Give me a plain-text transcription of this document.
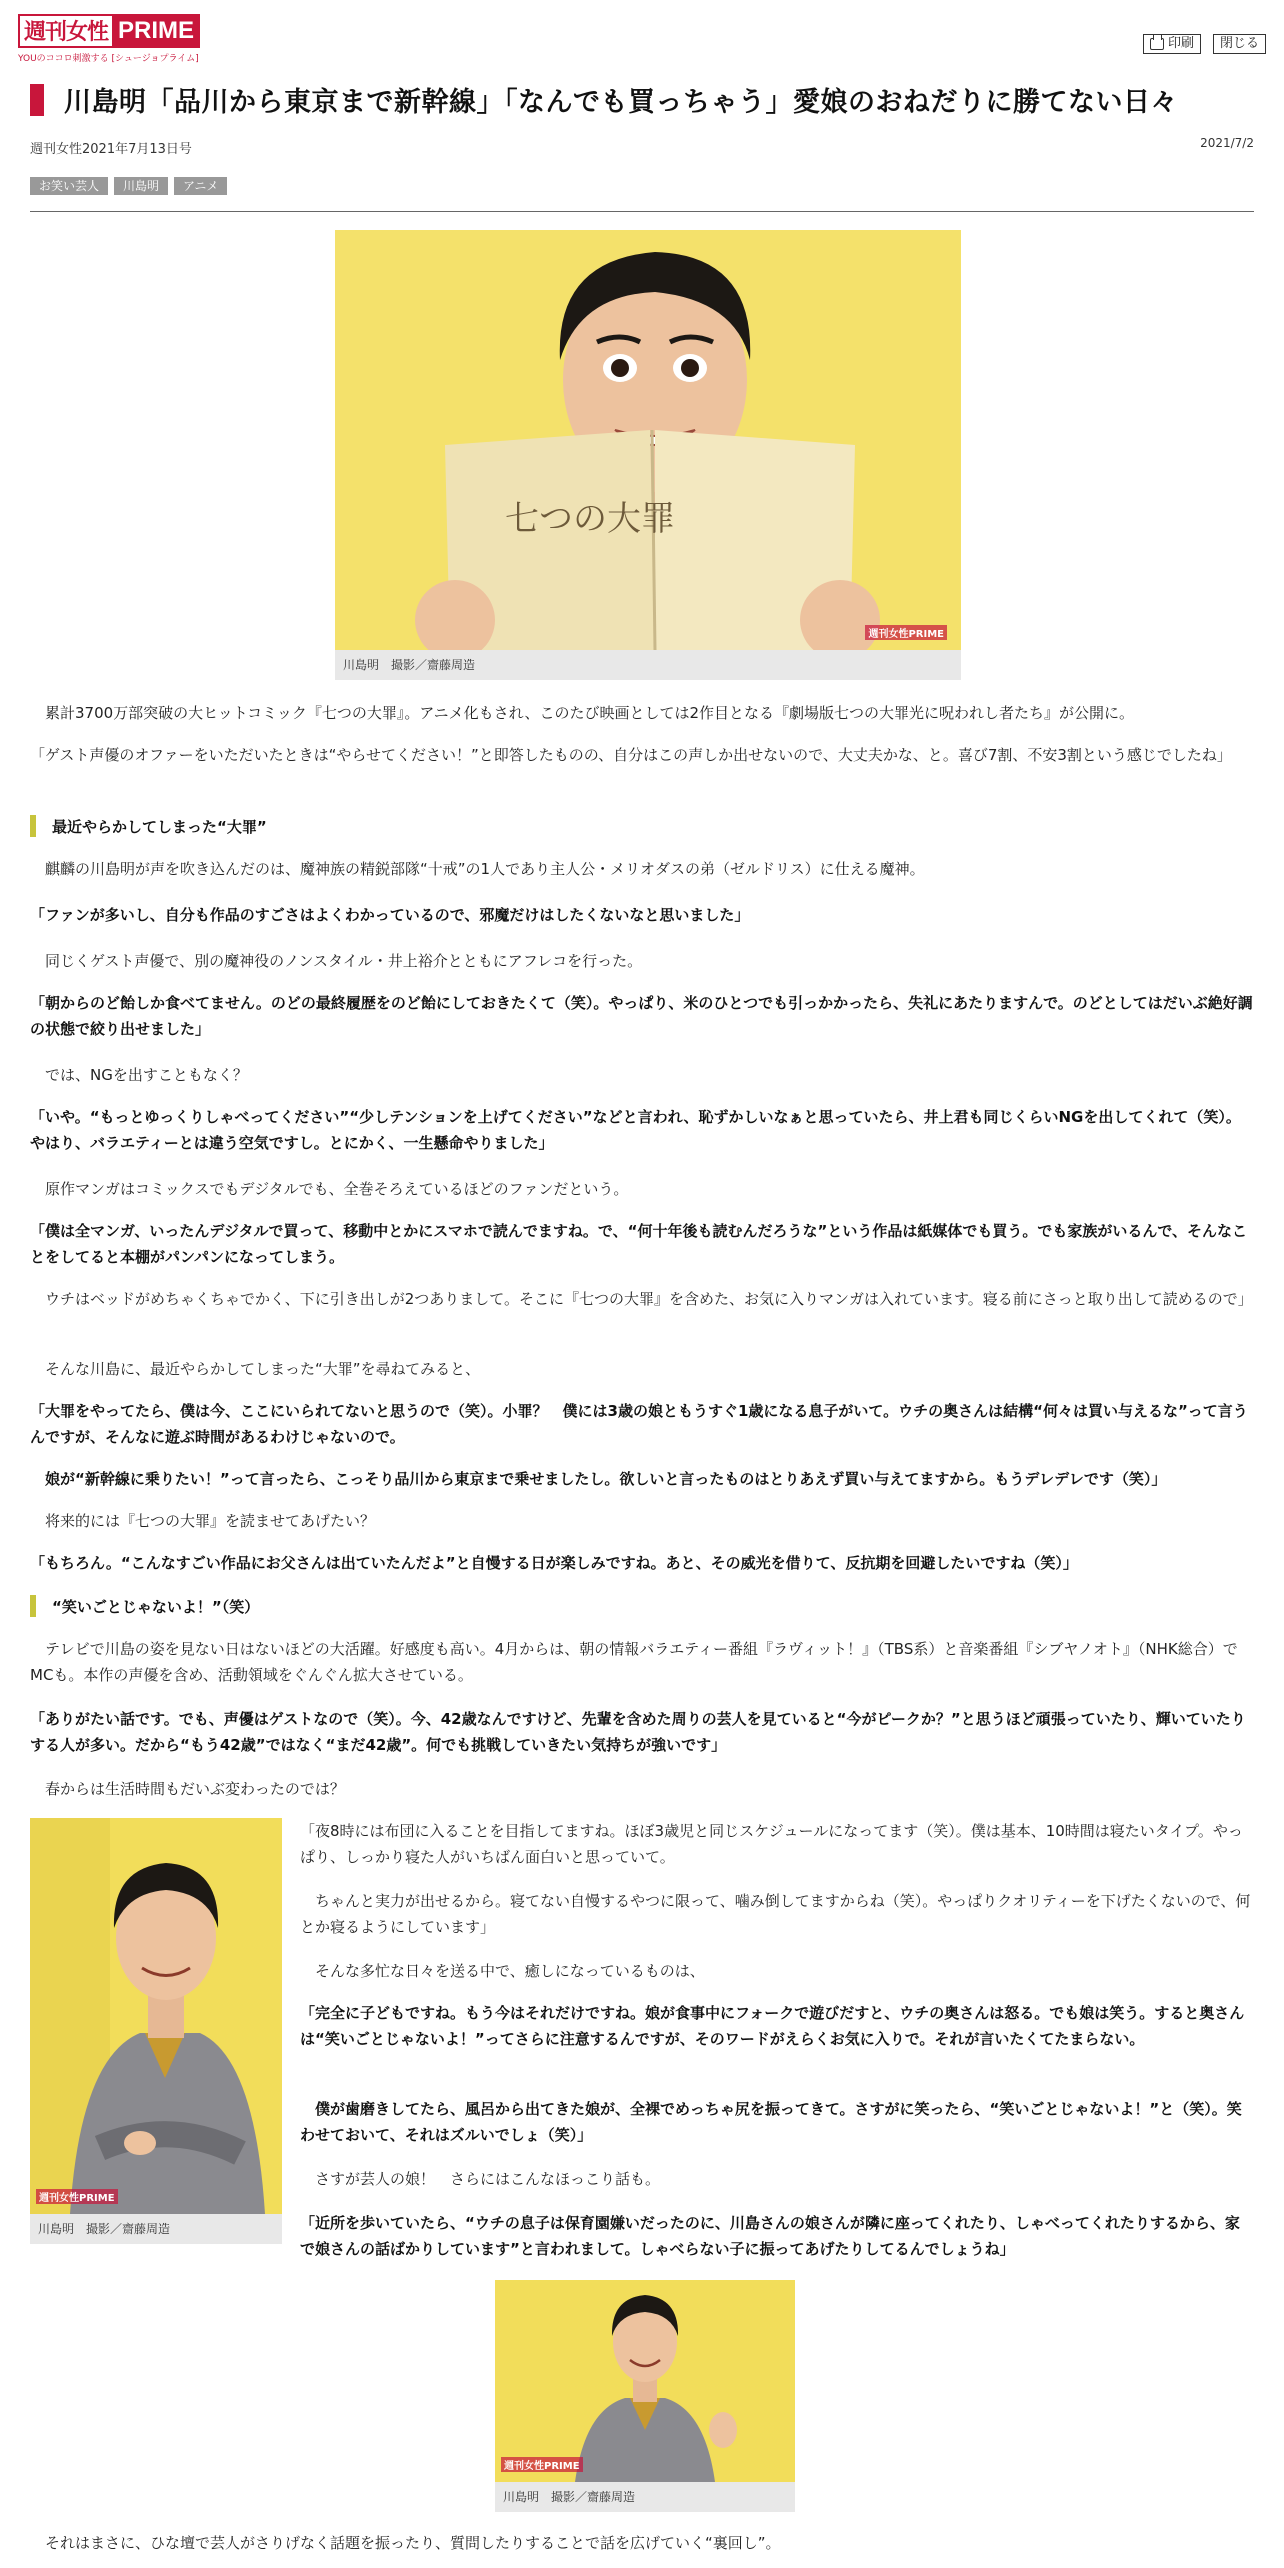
週刊女性 PRIME
YOUのココロ刺激する [シュージョプライム]
印刷 閉じる
川島明「品川から東京まで新幹線」「なんでも買っちゃう」愛娘のおねだりに勝てない日々
週刊女性2021年7月13日号	2021/7/2
お笑い芸人	川島明	アニメ
七つの大罪
週刊女性PRIME
川島明　撮影／齋藤周造

累計3700万部突破の大ヒットコミック『七つの大罪』。アニメ化もされ、このたび映画としては2作目となる『劇場版七つの大罪光に呪われし者たち』が公開に。

「ゲスト声優のオファーをいただいたときは“やらせてください！”と即答したものの、自分はこの声しか出せないので、大丈夫かな、と。喜び7割、不安3割という感じでしたね」

最近やらかしてしまった“大罪”

麒麟の川島明が声を吹き込んだのは、魔神族の精鋭部隊“十戒”の1人であり主人公・メリオダスの弟（ゼルドリス）に仕える魔神。

「ファンが多いし、自分も作品のすごさはよくわかっているので、邪魔だけはしたくないなと思いました」

同じくゲスト声優で、別の魔神役のノンスタイル・井上裕介とともにアフレコを行った。

「朝からのど飴しか食べてません。のどの最終履歴をのど飴にしておきたくて（笑）。やっぱり、米のひとつでも引っかかったら、失礼にあたりますんで。のどとしてはだいぶ絶好調の状態で絞り出せました」

では、NGを出すこともなく？

「いや。“もっとゆっくりしゃべってください”“少しテンションを上げてください”などと言われ、恥ずかしいなぁと思っていたら、井上君も同じくらいNGを出してくれて（笑）。やはり、バラエティーとは違う空気ですし。とにかく、一生懸命やりました」

原作マンガはコミックスでもデジタルでも、全巻そろえているほどのファンだという。

「僕は全マンガ、いったんデジタルで買って、移動中とかにスマホで読んでますね。で、“何十年後も読むんだろうな”という作品は紙媒体でも買う。でも家族がいるんで、そんなことをしてると本棚がパンパンになってしまう。

ウチはベッドがめちゃくちゃでかく、下に引き出しが2つありまして。そこに『七つの大罪』を含めた、お気に入りマンガは入れています。寝る前にさっと取り出して読めるので」

そんな川島に、最近やらかしてしまった“大罪”を尋ねてみると、

「大罪をやってたら、僕は今、ここにいられてないと思うので（笑）。小罪？　僕には3歳の娘ともうすぐ1歳になる息子がいて。ウチの奥さんは結構“何々は買い与えるな”って言うんですが、そんなに遊ぶ時間があるわけじゃないので。

娘が“新幹線に乗りたい！”って言ったら、こっそり品川から東京まで乗せましたし。欲しいと言ったものはとりあえず買い与えてますから。もうデレデレです（笑）」

将来的には『七つの大罪』を読ませてあげたい？

「もちろん。“こんなすごい作品にお父さんは出ていたんだよ”と自慢する日が楽しみですね。あと、その威光を借りて、反抗期を回避したいですね（笑）」

“笑いごとじゃないよ！”（笑）

テレビで川島の姿を見ない日はないほどの大活躍。好感度も高い。4月からは、朝の情報バラエティー番組『ラヴィット！』（TBS系）と音楽番組『シブヤノオト』（NHK総合）でMCも。本作の声優を含め、活動領域をぐんぐん拡大させている。

「ありがたい話です。でも、声優はゲストなので（笑）。今、42歳なんですけど、先輩を含めた周りの芸人を見ていると“今がピークか？”と思うほど頑張っていたり、輝いていたりする人が多い。だから“もう42歳”ではなく“まだ42歳”。何でも挑戦していきたい気持ちが強いです」

春からは生活時間もだいぶ変わったのでは？

週刊女性PRIME
川島明　撮影／齋藤周造

「夜8時には布団に入ることを目指してますね。ほぼ3歳児と同じスケジュールになってます（笑）。僕は基本、10時間は寝たいタイプ。やっぱり、しっかり寝た人がいちばん面白いと思っていて。

ちゃんと実力が出せるから。寝てない自慢するやつに限って、噛み倒してますからね（笑）。やっぱりクオリティーを下げたくないので、何とか寝るようにしています」

そんな多忙な日々を送る中で、癒しになっているものは、

「完全に子どもですね。もう今はそれだけですね。娘が食事中にフォークで遊びだすと、ウチの奥さんは怒る。でも娘は笑う。すると奥さんは“笑いごとじゃないよ！”ってさらに注意するんですが、そのワードがえらくお気に入りで。それが言いたくてたまらない。

僕が歯磨きしてたら、風呂から出てきた娘が、全裸でめっちゃ尻を振ってきて。さすがに笑ったら、“笑いごとじゃないよ！”と（笑）。笑わせておいて、それはズルいでしょ（笑）」

さすが芸人の娘！　さらにはこんなほっこり話も。

「近所を歩いていたら、“ウチの息子は保育園嫌いだったのに、川島さんの娘さんが隣に座ってくれたり、しゃべってくれたりするから、家で娘さんの話ばかりしています”と言われまして。しゃべらない子に振ってあげたりしてるんでしょうね」

週刊女性PRIME
川島明　撮影／齋藤周造

それはまさに、ひな壇で芸人がさりげなく話題を振ったり、質問したりすることで話を広げていく“裏回し”。
